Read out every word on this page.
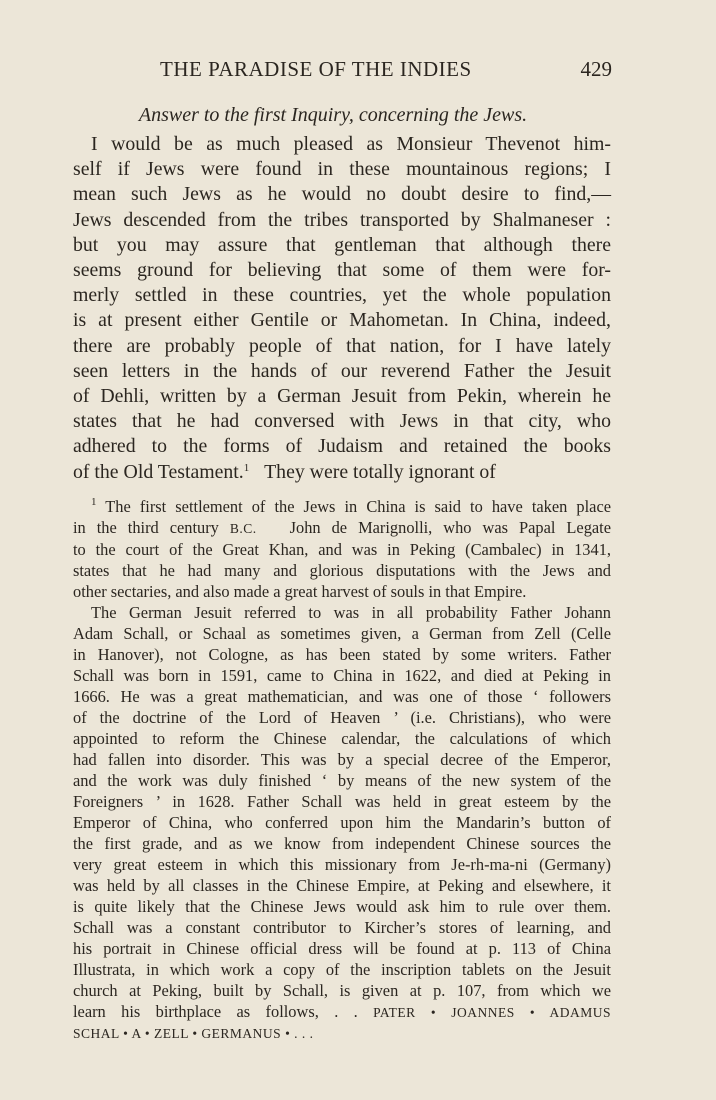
THE PARADISE OF THE INDIES	429
Answer to the first Inquiry, concerning the Jews.
I would be as much pleased as Monsieur Thevenot him-
self if Jews were found in these mountainous regions; I
mean such Jews as he would no doubt desire to find,—
Jews descended from the tribes transported by Shalmaneser :
but you may assure that gentleman that although there
seems ground for believing that some of them were for-
merly settled in these countries, yet the whole population
is at present either Gentile or Mahometan. In China, indeed,
there are probably people of that nation, for I have lately
seen letters in the hands of our reverend Father the Jesuit
of Dehli, written by a German Jesuit from Pekin, wherein he
states that he had conversed with Jews in that city, who
adhered to the forms of Judaism and retained the books
of the Old Testament.$^1$ They were totally ignorant of
$^1$ The first settlement of the Jews in China is said to have taken place
in the third century B.C. John de Marignolli, who was Papal Legate
to the court of the Great Khan, and was in Peking (Cambalec) in 1341,
states that he had many and glorious disputations with the Jews and
other sectaries, and also made a great harvest of souls in that Empire.
The German Jesuit referred to was in all probability Father Johann
Adam Schall, or Schaal as sometimes given, a German from Zell (Celle
in Hanover), not Cologne, as has been stated by some writers. Father
Schall was born in 1591, came to China in 1622, and died at Peking in
1666. He was a great mathematician, and was one of those ‘ followers
of the doctrine of the Lord of Heaven ’ (i.e. Christians), who were
appointed to reform the Chinese calendar, the calculations of which
had fallen into disorder. This was by a special decree of the Emperor,
and the work was duly finished ‘ by means of the new system of the
Foreigners ’ in 1628. Father Schall was held in great esteem by the
Emperor of China, who conferred upon him the Mandarin’s button of
the first grade, and as we know from independent Chinese sources the
very great esteem in which this missionary from Je-rh-ma-ni (Germany)
was held by all classes in the Chinese Empire, at Peking and elsewhere, it
is quite likely that the Chinese Jews would ask him to rule over them.
Schall was a constant contributor to Kircher’s stores of learning, and
his portrait in Chinese official dress will be found at p. 113 of China
Illustrata, in which work a copy of the inscription tablets on the Jesuit
church at Peking, built by Schall, is given at p. 107, from which we
learn his birthplace as follows, . . PATER • JOANNES • ADAMUS
SCHAL • A • ZELL • GERMANUS • . . .
